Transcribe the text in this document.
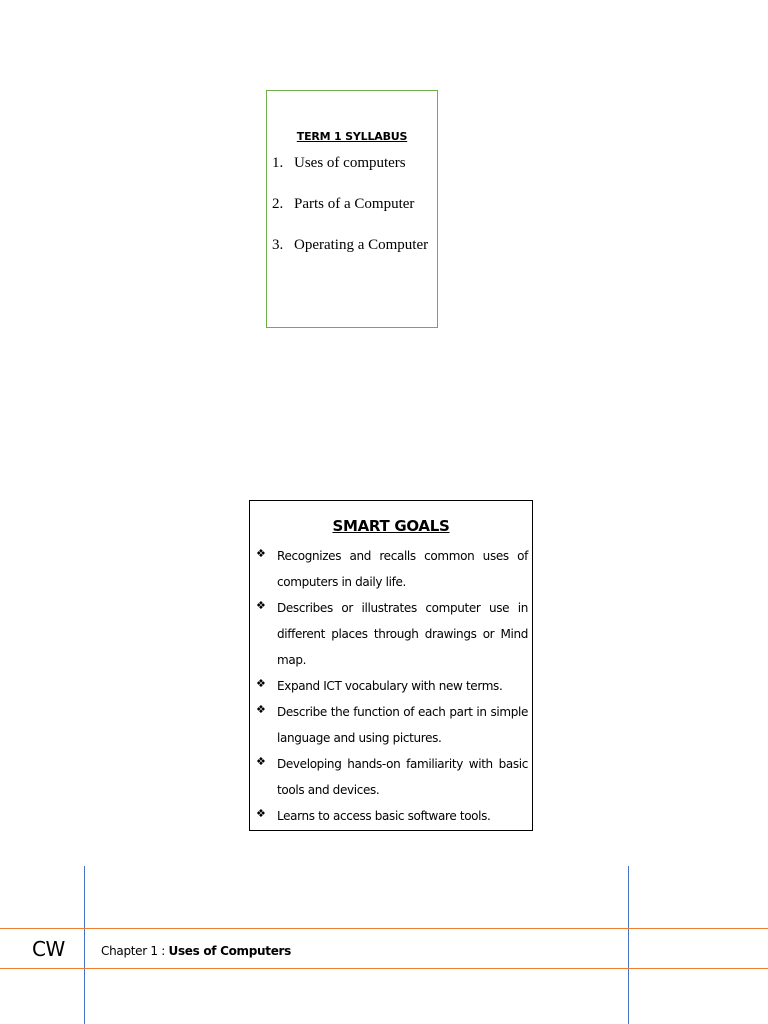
TERM 1 SYLLABUS
1. Uses of computers
2. Parts of a Computer
3. Operating a Computer
SMART GOALS
❖ Recognizes and recalls common uses of computers in daily life.
❖ Describes or illustrates computer use in different places through drawings or Mind map.
❖ Expand ICT vocabulary with new terms.
❖ Describe the function of each part in simple language and using pictures.
❖ Developing hands-on familiarity with basic tools and devices.
❖ Learns to access basic software tools.
CW	Chapter 1 : Uses of Computers
